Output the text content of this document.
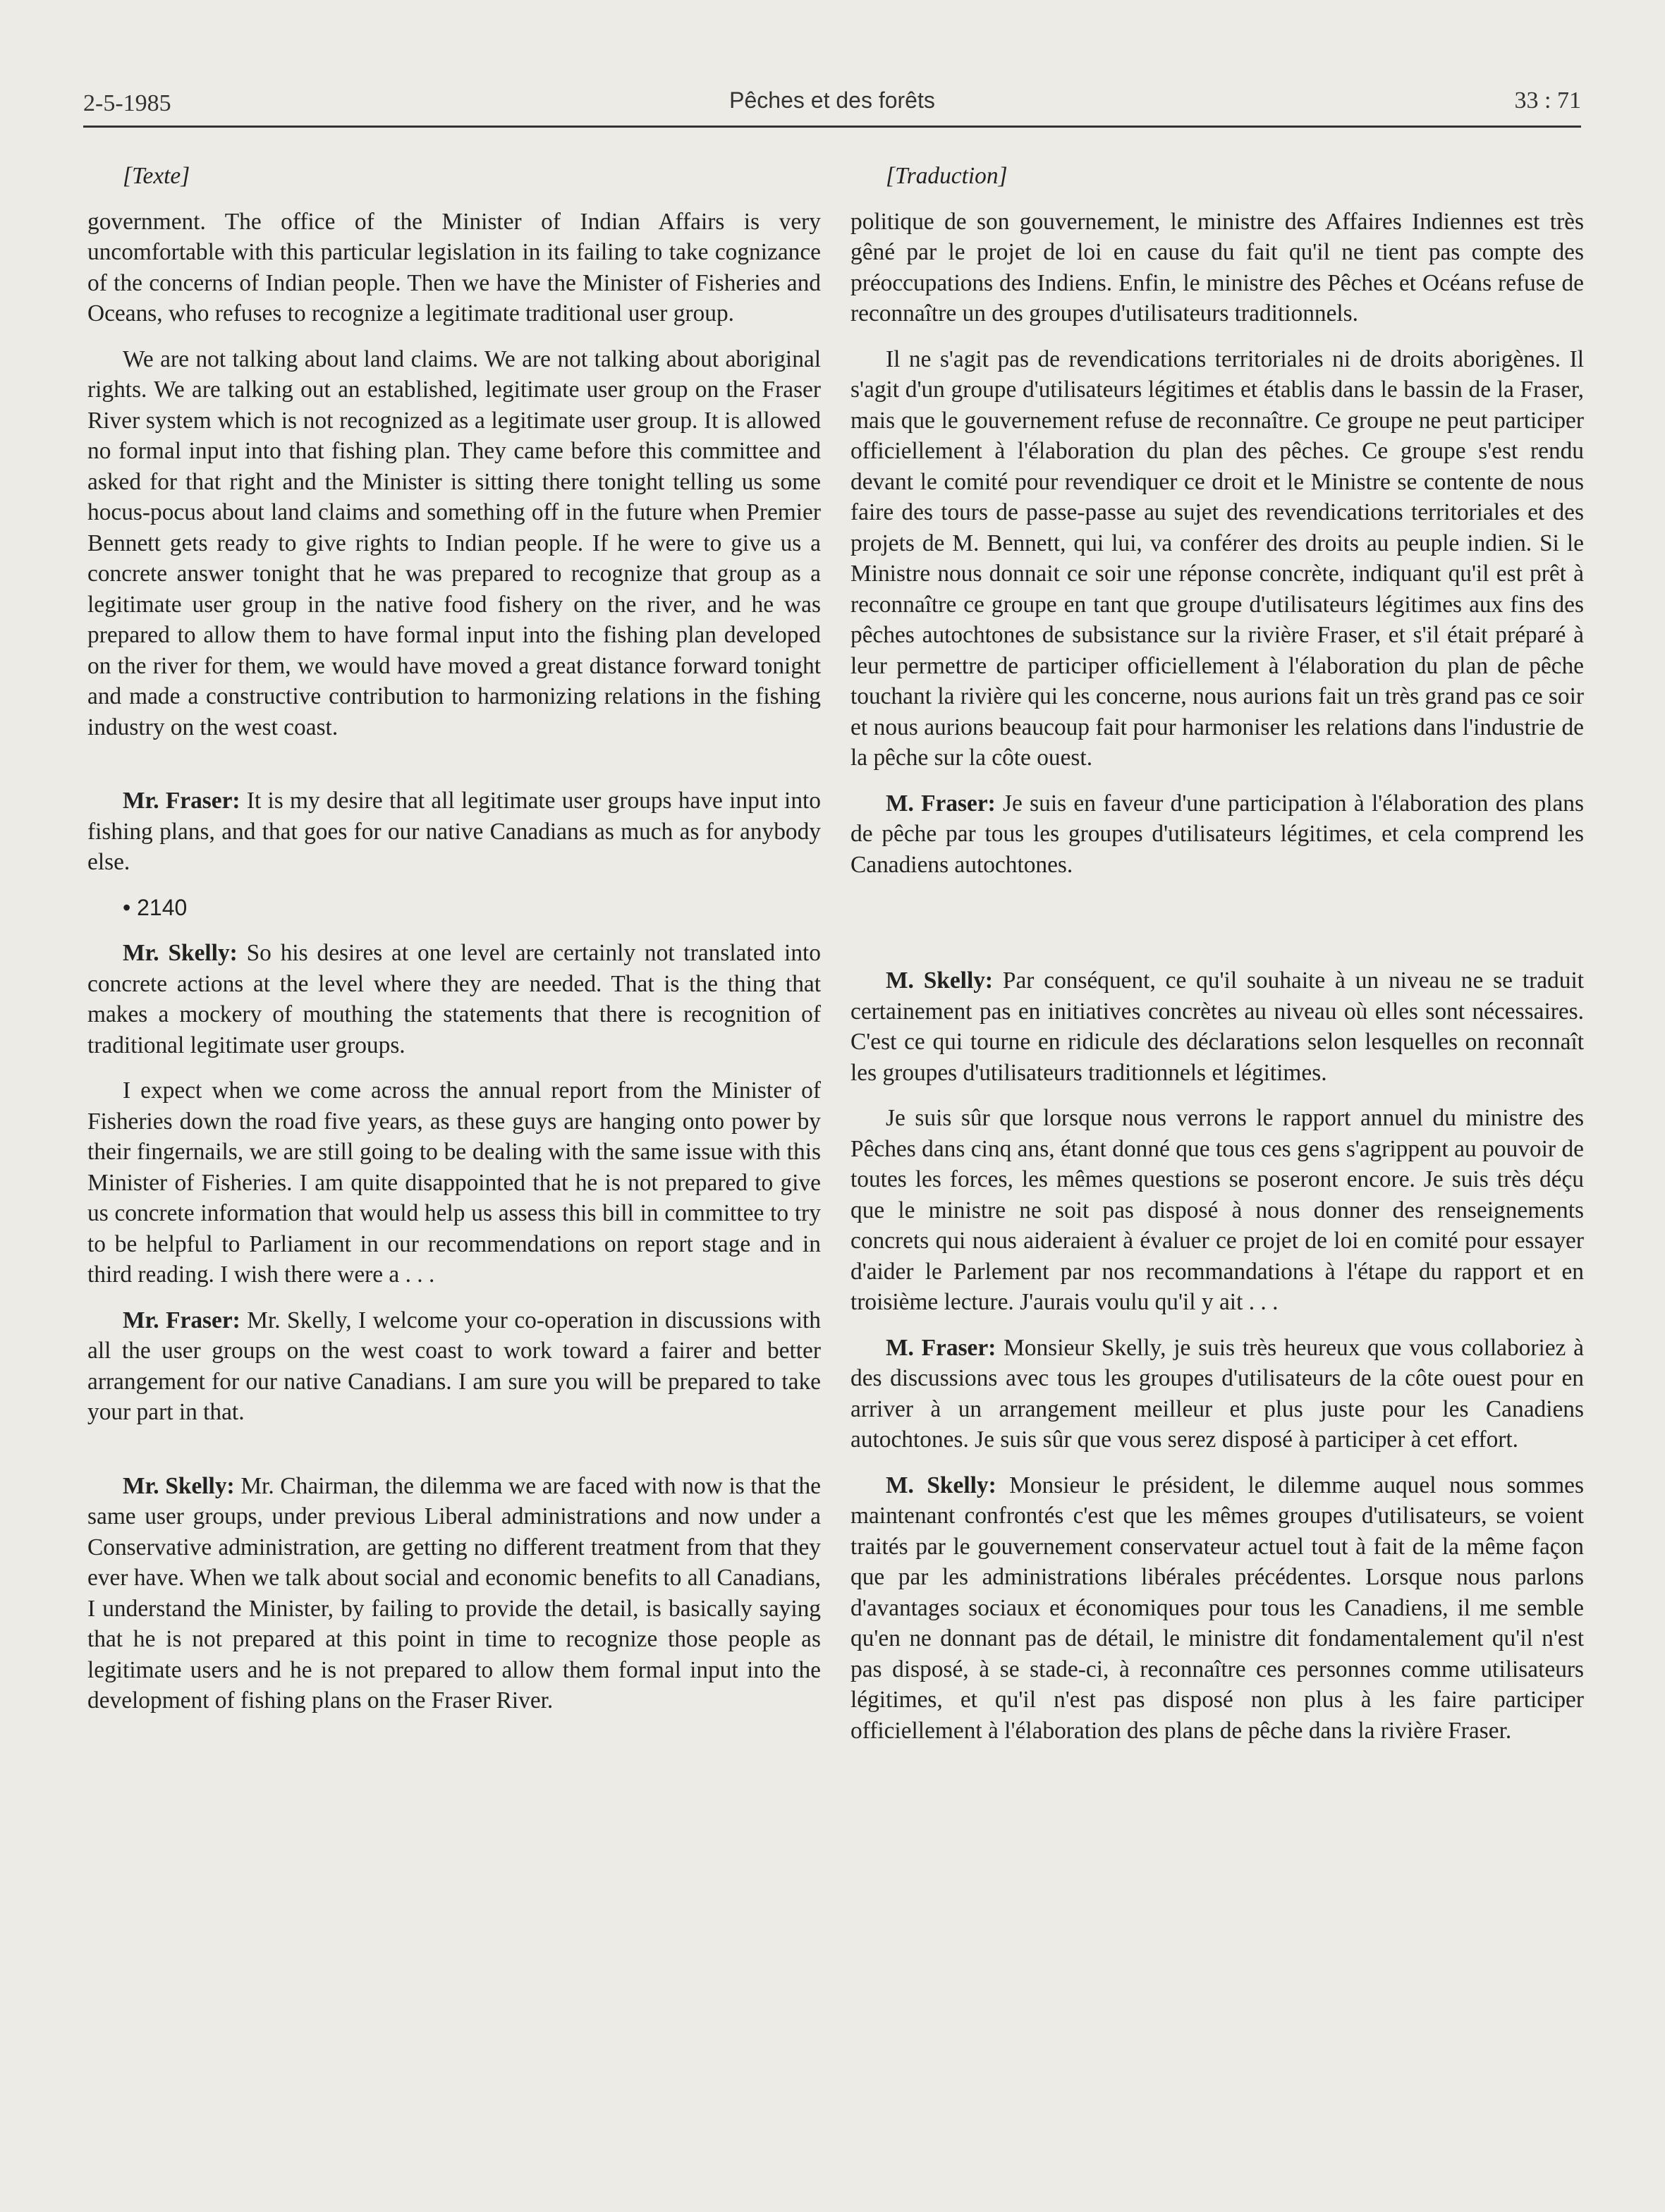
2-5-1985	Pêches et des forêts	33 : 71

[Texte]

government. The office of the Minister of Indian Affairs is very uncomfortable with this particular legislation in its failing to take cognizance of the concerns of Indian people. Then we have the Minister of Fisheries and Oceans, who refuses to recognize a legitimate traditional user group.

We are not talking about land claims. We are not talking about aboriginal rights. We are talking out an established, legitimate user group on the Fraser River system which is not recognized as a legitimate user group. It is allowed no formal input into that fishing plan. They came before this committee and asked for that right and the Minister is sitting there tonight telling us some hocus-pocus about land claims and something off in the future when Premier Bennett gets ready to give rights to Indian people. If he were to give us a concrete answer tonight that he was prepared to recognize that group as a legitimate user group in the native food fishery on the river, and he was prepared to allow them to have formal input into the fishing plan developed on the river for them, we would have moved a great distance forward tonight and made a constructive contribution to harmonizing relations in the fishing industry on the west coast.

Mr. Fraser: It is my desire that all legitimate user groups have input into fishing plans, and that goes for our native Canadians as much as for anybody else.

• 2140

Mr. Skelly: So his desires at one level are certainly not translated into concrete actions at the level where they are needed. That is the thing that makes a mockery of mouthing the statements that there is recognition of traditional legitimate user groups.

I expect when we come across the annual report from the Minister of Fisheries down the road five years, as these guys are hanging onto power by their fingernails, we are still going to be dealing with the same issue with this Minister of Fisheries. I am quite disappointed that he is not prepared to give us concrete information that would help us assess this bill in committee to try to be helpful to Parliament in our recommendations on report stage and in third reading. I wish there were a . . .

Mr. Fraser: Mr. Skelly, I welcome your co-operation in discussions with all the user groups on the west coast to work toward a fairer and better arrangement for our native Canadians. I am sure you will be prepared to take your part in that.

Mr. Skelly: Mr. Chairman, the dilemma we are faced with now is that the same user groups, under previous Liberal administrations and now under a Conservative administration, are getting no different treatment from that they ever have. When we talk about social and economic benefits to all Canadians, I understand the Minister, by failing to provide the detail, is basically saying that he is not prepared at this point in time to recognize those people as legitimate users and he is not prepared to allow them formal input into the development of fishing plans on the Fraser River.

[Traduction]

politique de son gouvernement, le ministre des Affaires Indiennes est très gêné par le projet de loi en cause du fait qu'il ne tient pas compte des préoccupations des Indiens. Enfin, le ministre des Pêches et Océans refuse de reconnaître un des groupes d'utilisateurs traditionnels.

Il ne s'agit pas de revendications territoriales ni de droits aborigènes. Il s'agit d'un groupe d'utilisateurs légitimes et établis dans le bassin de la Fraser, mais que le gouvernement refuse de reconnaître. Ce groupe ne peut participer officiellement à l'élaboration du plan des pêches. Ce groupe s'est rendu devant le comité pour revendiquer ce droit et le Ministre se contente de nous faire des tours de passe-passe au sujet des revendications territoriales et des projets de M. Bennett, qui lui, va conférer des droits au peuple indien. Si le Ministre nous donnait ce soir une réponse concrète, indiquant qu'il est prêt à reconnaître ce groupe en tant que groupe d'utilisateurs légitimes aux fins des pêches autochtones de subsistance sur la rivière Fraser, et s'il était préparé à leur permettre de participer officiellement à l'élaboration du plan de pêche touchant la rivière qui les concerne, nous aurions fait un très grand pas ce soir et nous aurions beaucoup fait pour harmoniser les relations dans l'industrie de la pêche sur la côte ouest.

M. Fraser: Je suis en faveur d'une participation à l'élaboration des plans de pêche par tous les groupes d'utilisateurs légitimes, et cela comprend les Canadiens autochtones.

M. Skelly: Par conséquent, ce qu'il souhaite à un niveau ne se traduit certainement pas en initiatives concrètes au niveau où elles sont nécessaires. C'est ce qui tourne en ridicule des déclarations selon lesquelles on reconnaît les groupes d'utilisateurs traditionnels et légitimes.

Je suis sûr que lorsque nous verrons le rapport annuel du ministre des Pêches dans cinq ans, étant donné que tous ces gens s'agrippent au pouvoir de toutes les forces, les mêmes questions se poseront encore. Je suis très déçu que le ministre ne soit pas disposé à nous donner des renseignements concrets qui nous aideraient à évaluer ce projet de loi en comité pour essayer d'aider le Parlement par nos recommandations à l'étape du rapport et en troisième lecture. J'aurais voulu qu'il y ait . . .

M. Fraser: Monsieur Skelly, je suis très heureux que vous collaboriez à des discussions avec tous les groupes d'utilisateurs de la côte ouest pour en arriver à un arrangement meilleur et plus juste pour les Canadiens autochtones. Je suis sûr que vous serez disposé à participer à cet effort.

M. Skelly: Monsieur le président, le dilemme auquel nous sommes maintenant confrontés c'est que les mêmes groupes d'utilisateurs, se voient traités par le gouvernement conservateur actuel tout à fait de la même façon que par les administrations libérales précédentes. Lorsque nous parlons d'avantages sociaux et économiques pour tous les Canadiens, il me semble qu'en ne donnant pas de détail, le ministre dit fondamentalement qu'il n'est pas disposé, à se stade-ci, à reconnaître ces personnes comme utilisateurs légitimes, et qu'il n'est pas disposé non plus à les faire participer officiellement à l'élaboration des plans de pêche dans la rivière Fraser.
